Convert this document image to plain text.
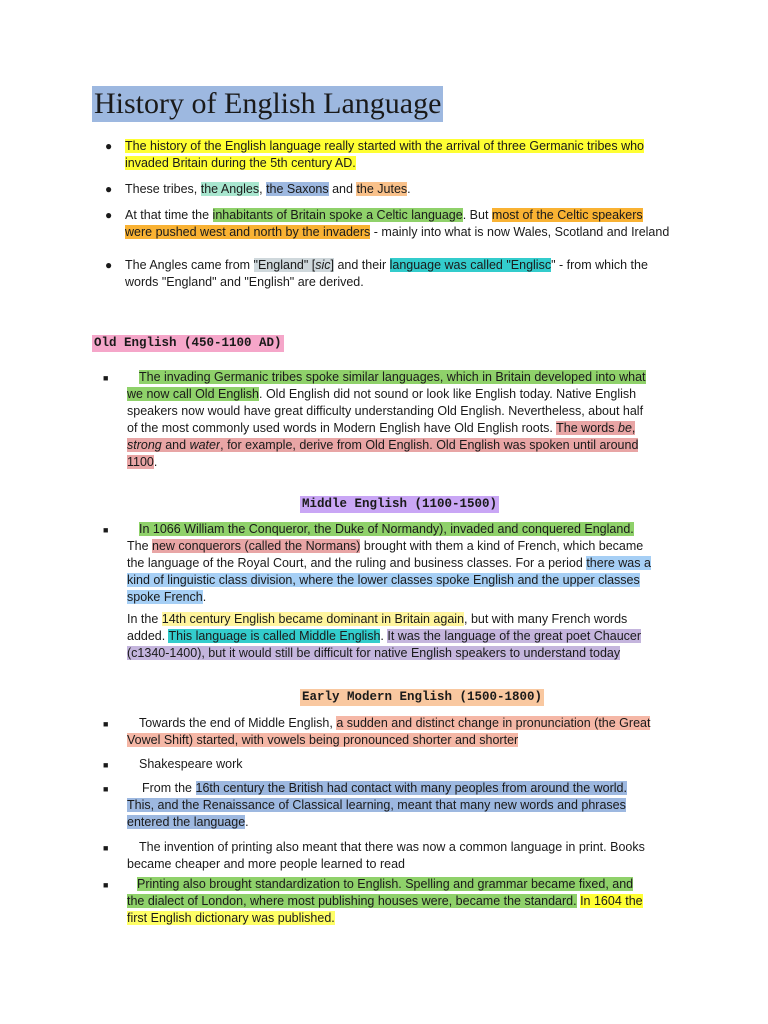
History of English Language
● The history of the English language really started with the arrival of three Germanic tribes who invaded Britain during the 5th century AD.
● These tribes, the Angles, the Saxons and the Jutes.
● At that time the inhabitants of Britain spoke a Celtic language. But most of the Celtic speakers were pushed west and north by the invaders - mainly into what is now Wales, Scotland and Ireland
● The Angles came from "England" [sic] and their language was called "Englisc" - from which the words "England" and "English" are derived.
Old English (450-1100 AD)
■	The invading Germanic tribes spoke similar languages, which in Britain developed into what
we now call Old English. Old English did not sound or look like English today. Native English
speakers now would have great difficulty understanding Old English. Nevertheless, about half
of the most commonly used words in Modern English have Old English roots. The words be,
strong and water, for example, derive from Old English. Old English was spoken until around
1100.
Middle English (1100-1500)
■	In 1066 William the Conqueror, the Duke of Normandy), invaded and conquered England.
The new conquerors (called the Normans) brought with them a kind of French, which became
the language of the Royal Court, and the ruling and business classes. For a period there was a
kind of linguistic class division, where the lower classes spoke English and the upper classes
spoke French.
In the 14th century English became dominant in Britain again, but with many French words
added. This language is called Middle English. It was the language of the great poet Chaucer
(c1340-1400), but it would still be difficult for native English speakers to understand today
Early Modern English (1500-1800)
■	Towards the end of Middle English, a sudden and distinct change in pronunciation (the Great
Vowel Shift) started, with vowels being pronounced shorter and shorter
■ Shakespeare work
■	From the 16th century the British had contact with many peoples from around the world.
This, and the Renaissance of Classical learning, meant that many new words and phrases
entered the language.
■	The invention of printing also meant that there was now a common language in print. Books
became cheaper and more people learned to read
■	Printing also brought standardization to English. Spelling and grammar became fixed, and
the dialect of London, where most publishing houses were, became the standard. In 1604 the
first English dictionary was published.
